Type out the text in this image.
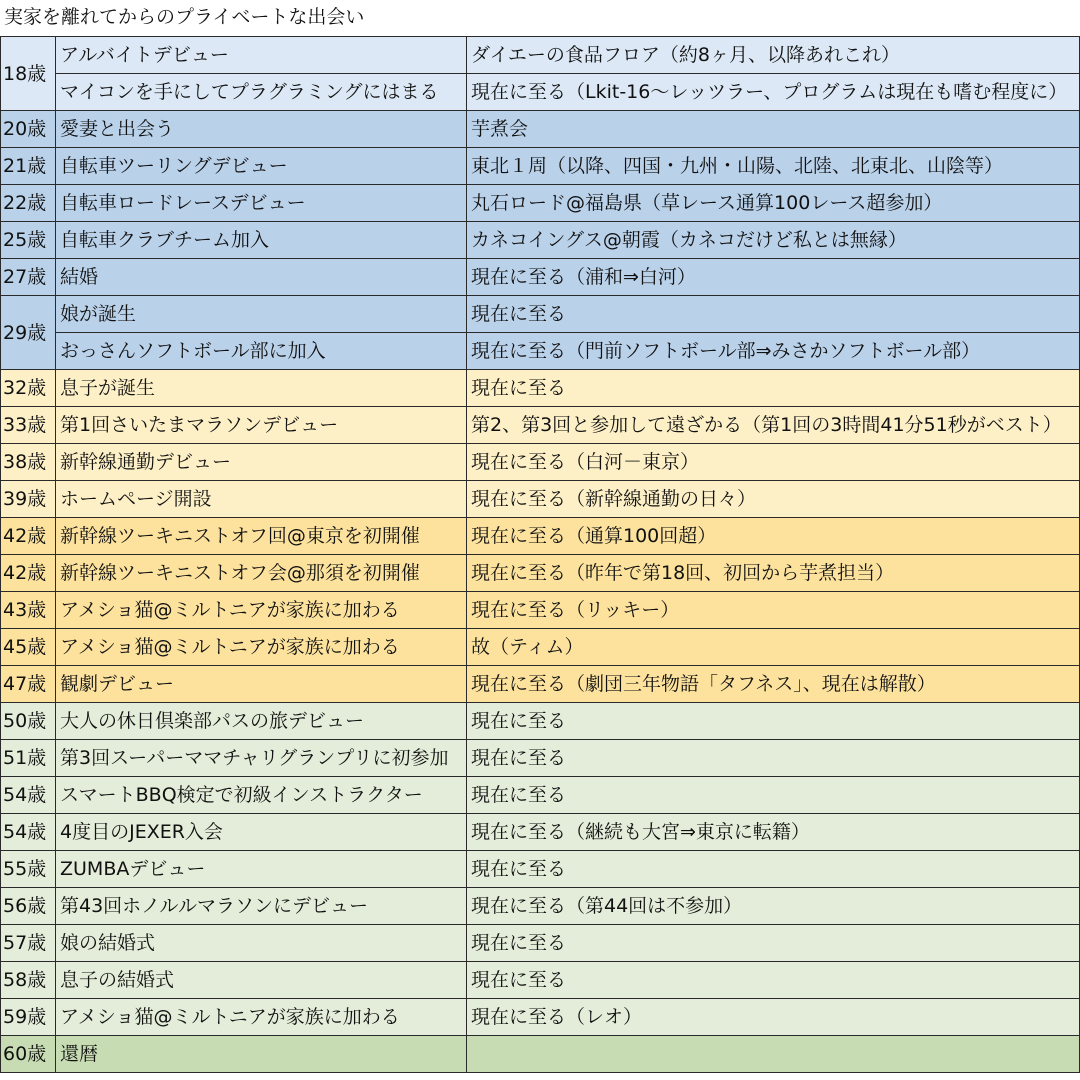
実家を離れてからのプライベートな出会い
18歳	アルバイトデビュー	ダイエーの食品フロア（約8ヶ月、以降あれこれ）
	マイコンを手にしてプラグラミングにはまる	現在に至る（Lkit-16～レッツラー、プログラムは現在も嗜む程度に）
20歳	愛妻と出会う	芋煮会
21歳	自転車ツーリングデビュー	東北１周（以降、四国・九州・山陽、北陸、北東北、山陰等）
22歳	自転車ロードレースデビュー	丸石ロード@福島県（草レース通算100レース超参加）
25歳	自転車クラブチーム加入	カネコイングス@朝霞（カネコだけど私とは無縁）
27歳	結婚	現在に至る（浦和⇒白河）
29歳	娘が誕生	現在に至る
	おっさんソフトボール部に加入	現在に至る（門前ソフトボール部⇒みさかソフトボール部）
32歳	息子が誕生	現在に至る
33歳	第1回さいたまマラソンデビュー	第2、第3回と参加して遠ざかる（第1回の3時間41分51秒がベスト）
38歳	新幹線通勤デビュー	現在に至る（白河－東京）
39歳	ホームページ開設	現在に至る（新幹線通勤の日々）
42歳	新幹線ツーキニストオフ回@東京を初開催	現在に至る（通算100回超）
42歳	新幹線ツーキニストオフ会@那須を初開催	現在に至る（昨年で第18回、初回から芋煮担当）
43歳	アメショ猫@ミルトニアが家族に加わる	現在に至る（リッキー）
45歳	アメショ猫@ミルトニアが家族に加わる	故（ティム）
47歳	観劇デビュー	現在に至る（劇団三年物語「タフネス」、現在は解散）
50歳	大人の休日倶楽部パスの旅デビュー	現在に至る
51歳	第3回スーパーママチャリグランプリに初参加	現在に至る
54歳	スマートBBQ検定で初級インストラクター	現在に至る
54歳	4度目のJEXER入会	現在に至る（継続も大宮⇒東京に転籍）
55歳	ZUMBAデビュー	現在に至る
56歳	第43回ホノルルマラソンにデビュー	現在に至る（第44回は不参加）
57歳	娘の結婚式	現在に至る
58歳	息子の結婚式	現在に至る
59歳	アメショ猫@ミルトニアが家族に加わる	現在に至る（レオ）
60歳	還暦	
